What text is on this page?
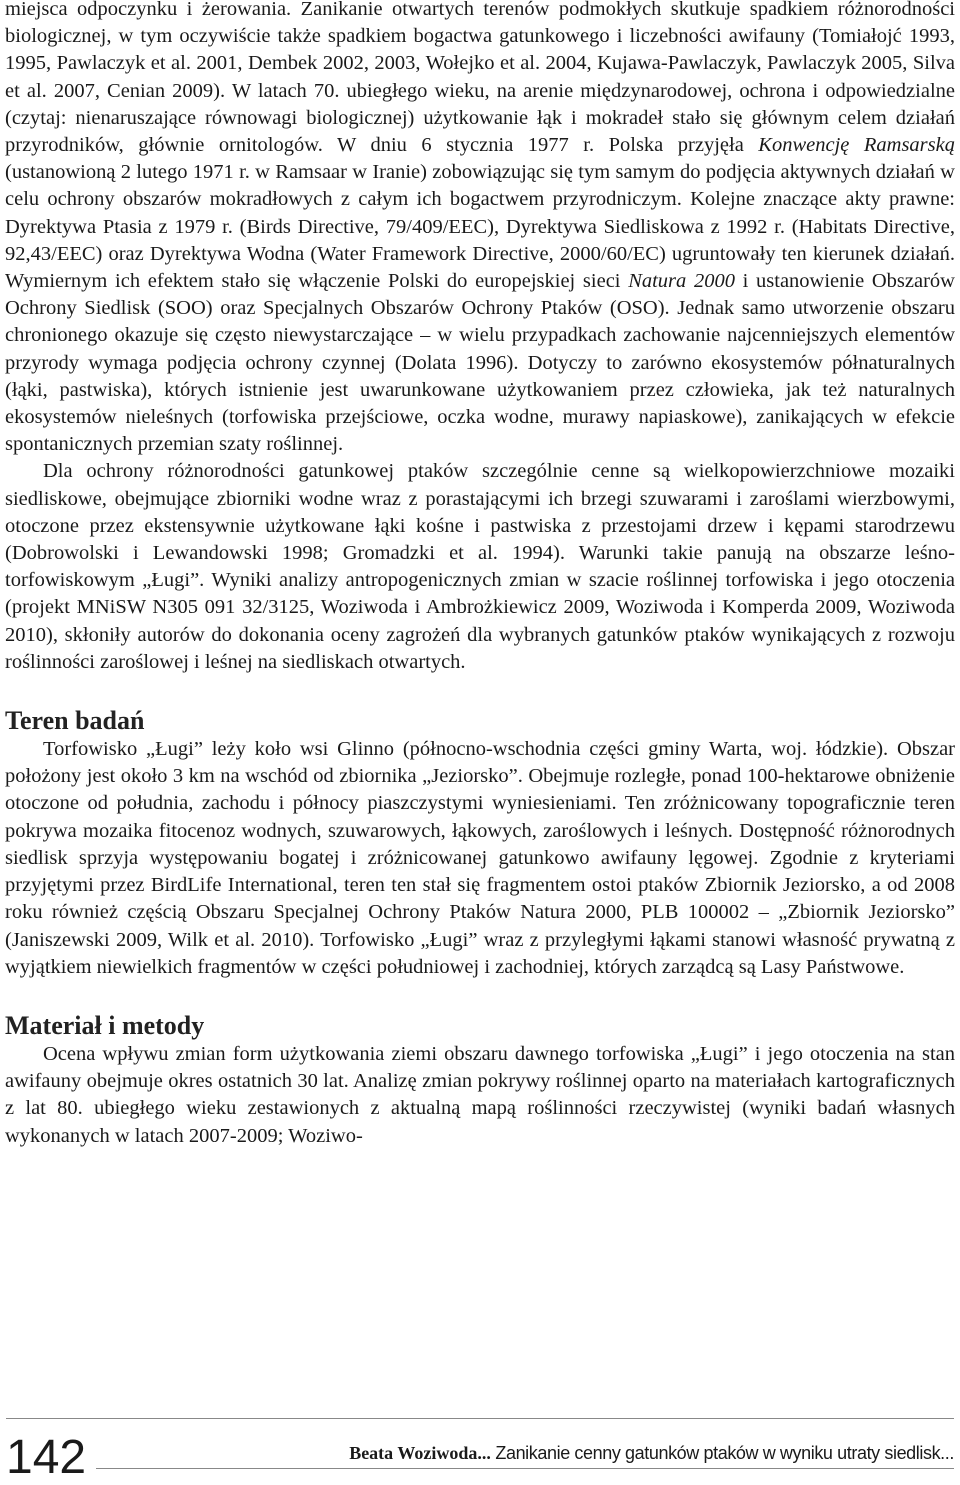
miejsca odpoczynku i żerowania. Zanikanie otwartych terenów podmokłych skutkuje spadkiem różnorodności biologicznej, w tym oczywiście także spadkiem bogactwa gatunkowego i liczebności awifauny (Tomiałojć 1993, 1995, Pawlaczyk et al. 2001, Dembek 2002, 2003, Wołejko et al. 2004, Kujawa-Pawlaczyk, Pawlaczyk 2005, Silva et al. 2007, Cenian 2009). W latach 70. ubiegłego wieku, na arenie międzynarodowej, ochrona i odpowiedzialne (czytaj: nienaruszające równowagi biologicznej) użytkowanie łąk i mokradeł stało się głównym celem działań przyrodników, głównie ornitologów. W dniu 6 stycznia 1977 r. Polska przyjęła Konwencję Ramsarską (ustanowioną 2 lutego 1971 r. w Ramsaar w Iranie) zobowiązując się tym samym do podjęcia aktywnych działań w celu ochrony obszarów mokradłowych z całym ich bogactwem przyrodniczym. Kolejne znaczące akty prawne: Dyrektywa Ptasia z 1979 r. (Birds Directive, 79/409/EEC), Dyrektywa Siedliskowa z 1992 r. (Habitats Directive, 92,43/EEC) oraz Dyrektywa Wodna (Water Framework Directive, 2000/60/EC) ugruntowały ten kierunek działań. Wymiernym ich efektem stało się włączenie Polski do europejskiej sieci Natura 2000 i ustanowienie Obszarów Ochrony Siedlisk (SOO) oraz Specjalnych Obszarów Ochrony Ptaków (OSO). Jednak samo utworzenie obszaru chronionego okazuje się często niewystarczające – w wielu przypadkach zachowanie najcenniejszych elementów przyrody wymaga podjęcia ochrony czynnej (Dolata 1996). Dotyczy to zarówno ekosystemów półnaturalnych (łąki, pastwiska), których istnienie jest uwarunkowane użytkowaniem przez człowieka, jak też naturalnych ekosystemów nieleśnych (torfowiska przejściowe, oczka wodne, murawy napiaskowe), zanikających w efekcie spontanicznych przemian szaty roślinnej.

Dla ochrony różnorodności gatunkowej ptaków szczególnie cenne są wielkopowierzchniowe mozaiki siedliskowe, obejmujące zbiorniki wodne wraz z porastającymi ich brzegi szuwarami i zaroślami wierzbowymi, otoczone przez ekstensywnie użytkowane łąki kośne i pastwiska z przestojami drzew i kępami starodrzewu (Dobrowolski i Lewandowski 1998; Gromadzki et al. 1994). Warunki takie panują na obszarze leśno-torfowiskowym „Ługi”. Wyniki analizy antropogenicznych zmian w szacie roślinnej torfowiska i jego otoczenia (projekt MNiSW N305 091 32/3125, Woziwoda i Ambrożkiewicz 2009, Woziwoda i Komperda 2009, Woziwoda 2010), skłoniły autorów do dokonania oceny zagrożeń dla wybranych gatunków ptaków wynikających z rozwoju roślinności zaroślowej i leśnej na siedliskach otwartych.

Teren badań

Torfowisko „Ługi” leży koło wsi Glinno (północno-wschodnia części gminy Warta, woj. łódzkie). Obszar położony jest około 3 km na wschód od zbiornika „Jeziorsko”. Obejmuje rozległe, ponad 100-hektarowe obniżenie otoczone od południa, zachodu i północy piaszczystymi wyniesieniami. Ten zróżnicowany topograficznie teren pokrywa mozaika fitocenoz wodnych, szuwarowych, łąkowych, zaroślowych i leśnych. Dostępność różnorodnych siedlisk sprzyja występowaniu bogatej i zróżnicowanej gatunkowo awifauny lęgowej. Zgodnie z kryteriami przyjętymi przez BirdLife International, teren ten stał się fragmentem ostoi ptaków Zbiornik Jeziorsko, a od 2008 roku również częścią Obszaru Specjalnej Ochrony Ptaków Natura 2000, PLB 100002 – „Zbiornik Jeziorsko” (Janiszewski 2009, Wilk et al. 2010). Torfowisko „Ługi” wraz z przyległymi łąkami stanowi własność prywatną z wyjątkiem niewielkich fragmentów w części południowej i zachodniej, których zarządcą są Lasy Państwowe.

Materiał i metody

Ocena wpływu zmian form użytkowania ziemi obszaru dawnego torfowiska „Ługi” i jego otoczenia na stan awifauny obejmuje okres ostatnich 30 lat. Analizę zmian pokrywy roślinnej oparto na materiałach kartograficznych z lat 80. ubiegłego wieku zestawionych z aktualną mapą roślinności rzeczywistej (wyniki badań własnych wykonanych w latach 2007-2009; Woziwo-

142	Beata Woziwoda... Zanikanie cenny gatunków ptaków w wyniku utraty siedlisk...
